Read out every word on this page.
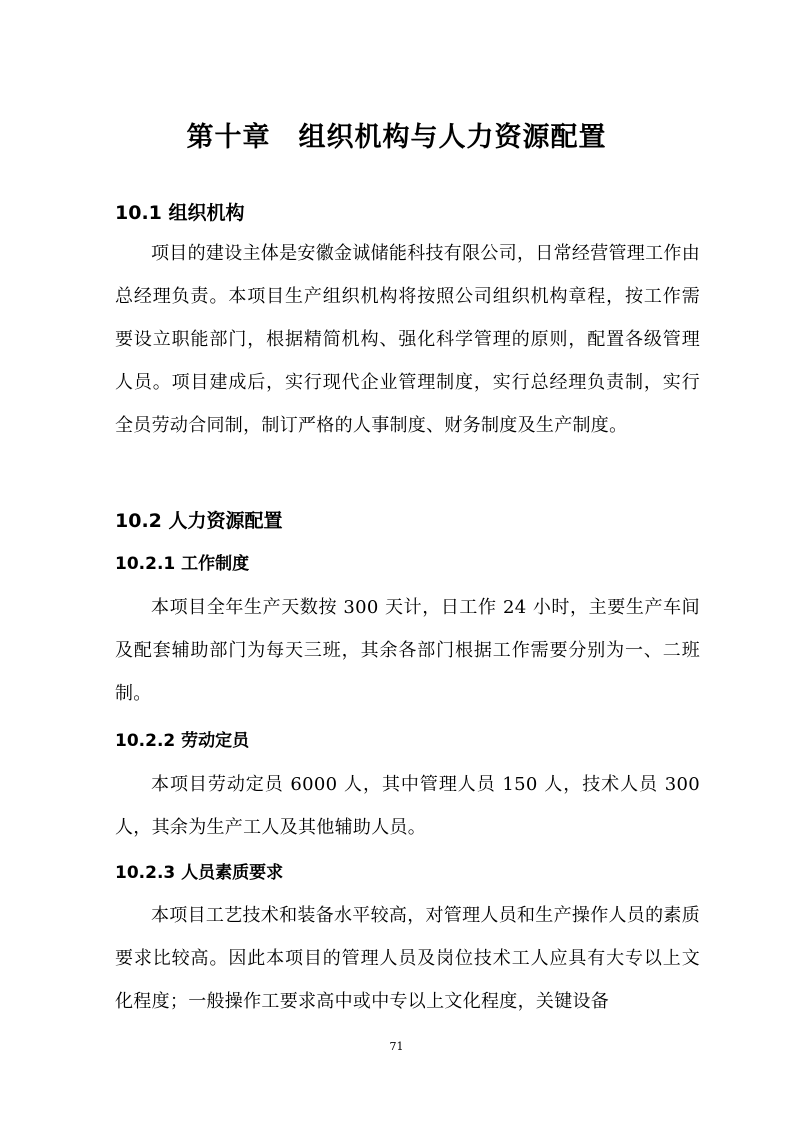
第十章　组织机构与人力资源配置
10.1 组织机构

项目的建设主体是安徽金诚储能科技有限公司，日常经营管理工作由总经理负责。本项目生产组织机构将按照公司组织机构章程，按工作需要设立职能部门，根据精简机构、强化科学管理的原则，配置各级管理人员。项目建成后，实行现代企业管理制度，实行总经理负责制，实行全员劳动合同制，制订严格的人事制度、财务制度及生产制度。

10.2 人力资源配置
10.2.1 工作制度

本项目全年生产天数按 300 天计，日工作 24 小时，主要生产车间及配套辅助部门为每天三班，其余各部门根据工作需要分别为一、二班制。

10.2.2 劳动定员

本项目劳动定员 6000 人，其中管理人员 150 人，技术人员 300 人，其余为生产工人及其他辅助人员。

10.2.3 人员素质要求

本项目工艺技术和装备水平较高，对管理人员和生产操作人员的素质要求比较高。因此本项目的管理人员及岗位技术工人应具有大专以上文化程度；一般操作工要求高中或中专以上文化程度，关键设备

71
